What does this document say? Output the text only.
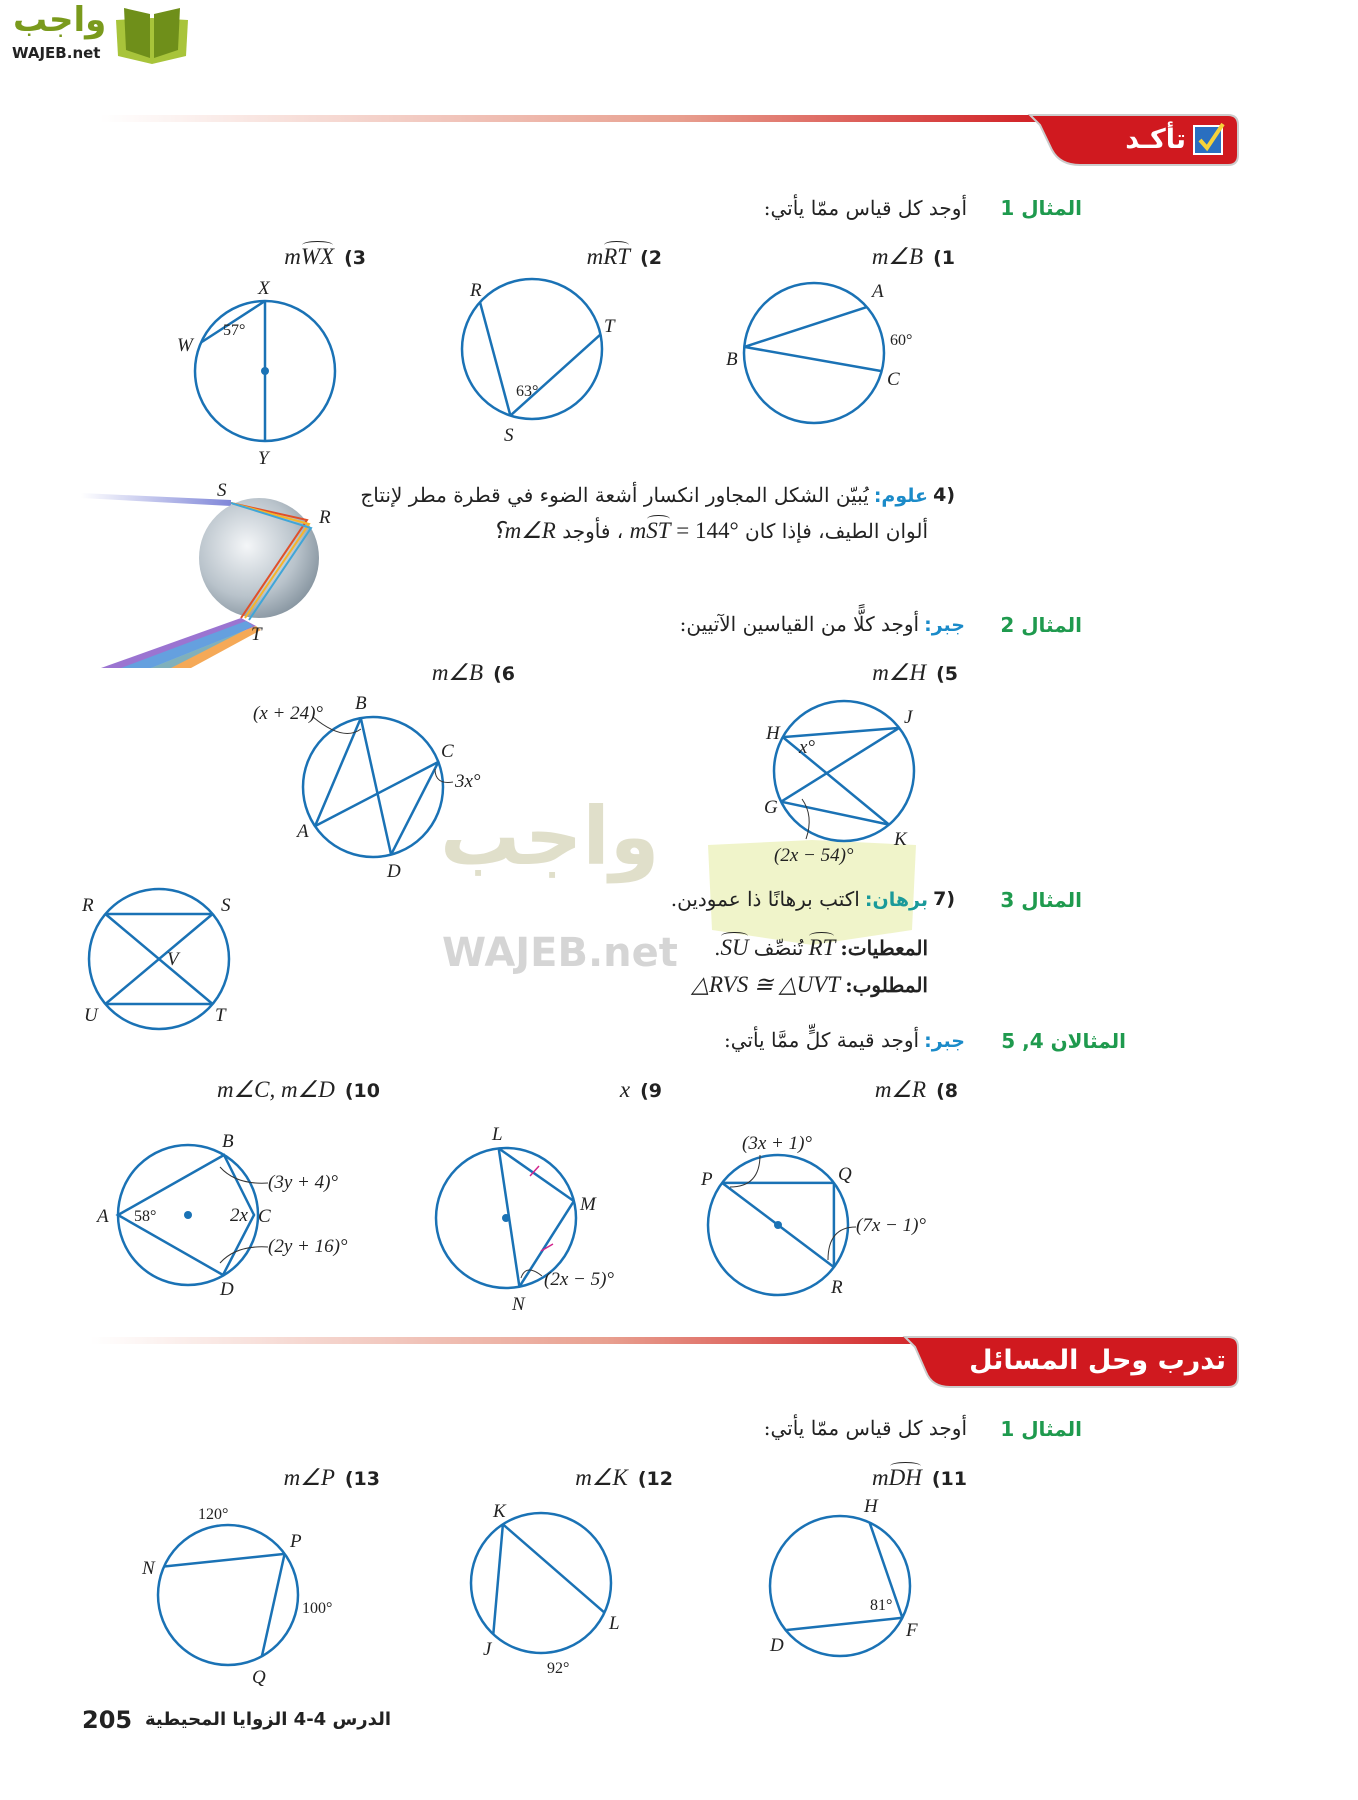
واجب
WAJEB.net
واجب
WAJEB.net
تأكـد
المثال 1
أوجد كل قياس ممّا يأتي:
m∠B (1
mRT (2
mWX (3
A
B
C
60°
R
T
S
63°
X
Y
W
57°
4)
علوم: يُبيّن الشكل المجاور انكسار أشعة الضوء في قطرة مطر لإنتاج
ألوان الطيف، فإذا كان mST = 144° ، فأوجد m∠R؟
S
R
T	المثال 2
جبر: أوجد كلًّا من القياسين الآتيين:
m∠H (5
m∠B (6
H
J
G
K
x°
(2x − 54)°
B
C
A
D
(x + 24)°
3x°
المثال 3
7)
برهان: اكتب برهانًا ذا عمودين.
المعطيات: RT تُنصِّف SU.
المطلوب: △RVS ≅ △UVT
R	S
U	T
V
المثالان 4, 5
جبر: أوجد قيمة كلٍّ ممَّا يأتي:
m∠R (8
x (9
m∠C, m∠D (10
P	Q
R
(3x + 1)°
(7x − 1)°
L
M
N
(2x − 5)°
A
B
C
D
58°	2x
(3y + 4)°
(2y + 16)°
تدرب وحل المسائل
المثال 1
أوجد كل قياس ممّا يأتي:
mDH (11
m∠K (12
m∠P (13
H
F
D
81°
K
L
J
92°
N
P
Q
120°
100°
205 الدرس 4-4 الزوايا المحيطية
